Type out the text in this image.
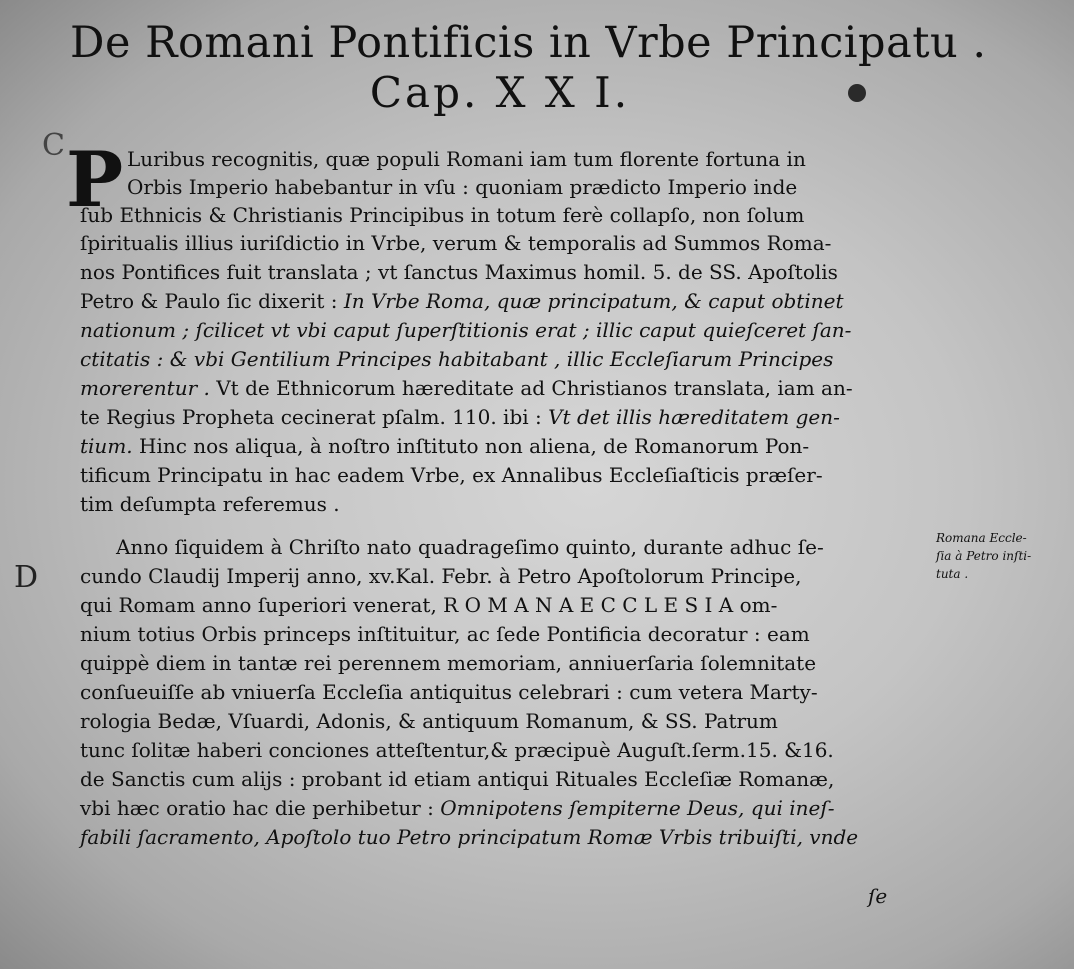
De Romani Pontificis in Vrbe Principatu .
Cap. X X I.
C P Luribus recognitis, quæ populi Romani iam tum florente fortuna in
Orbis Imperio habebantur in vſu : quoniam prædicto Imperio inde
ſub Ethnicis & Christianis Principibus in totum ferè collapſo, non ſolum
ſpiritualis illius iuriſdictio in Vrbe, verum & temporalis ad Summos Roma-
nos Pontifices fuit translata ; vt ſanctus Maximus homil. 5. de SS. Apoſtolis
Petro & Paulo ſic dixerit : In Vrbe Roma, quæ principatum, & caput obtinet
nationum ; ſcilicet vt vbi caput ſuperſtitionis erat ; illic caput quieſceret ſan-
ctitatis : & vbi Gentilium Principes habitabant , illic Eccleſiarum Principes
morerentur . Vt de Ethnicorum hæreditate ad Christianos translata, iam an-
te Regius Propheta cecinerat pſalm. 110. ibi : Vt det illis hæreditatem gen-
tium. Hinc nos aliqua, à noſtro inſtituto non aliena, de Romanorum Pon-
tificum Principatu in hac eadem Vrbe, ex Annalibus Eccleſiaſticis præſer-
tim deſumpta referemus .
D
Anno ſiquidem à Chriſto nato quadrageſimo quinto, durante adhuc ſe-
cundo Claudij Imperij anno, xv.Kal. Febr. à Petro Apoſtolorum Principe,
qui Romam anno ſuperiori venerat, R O M A N A E C C L E S I A om-
nium totius Orbis princeps inſtituitur, ac ſede Pontificia decoratur : eam
quippè diem in tantæ rei perennem memoriam, anniuerſaria ſolemnitate
conſueuiſſe ab vniuerſa Eccleſia antiquitus celebrari : cum vetera Marty-
rologia Bedæ, Vſuardi, Adonis, & antiquum Romanum, & SS. Patrum
tunc ſolitæ haberi conciones atteſtentur,& præcipuè Auguſt.ſerm.15. &16.
de Sanctis cum alijs : probant id etiam antiqui Rituales Eccleſiæ Romanæ,
vbi hæc oratio hac die perhibetur : Omnipotens ſempiterne Deus, qui ineſ-
fabili ſacramento, Apoſtolo tuo Petro principatum Romæ Vrbis tribuiſti, vnde
ſe
Romana Eccle-
ſia à Petro inſti-
tuta .
